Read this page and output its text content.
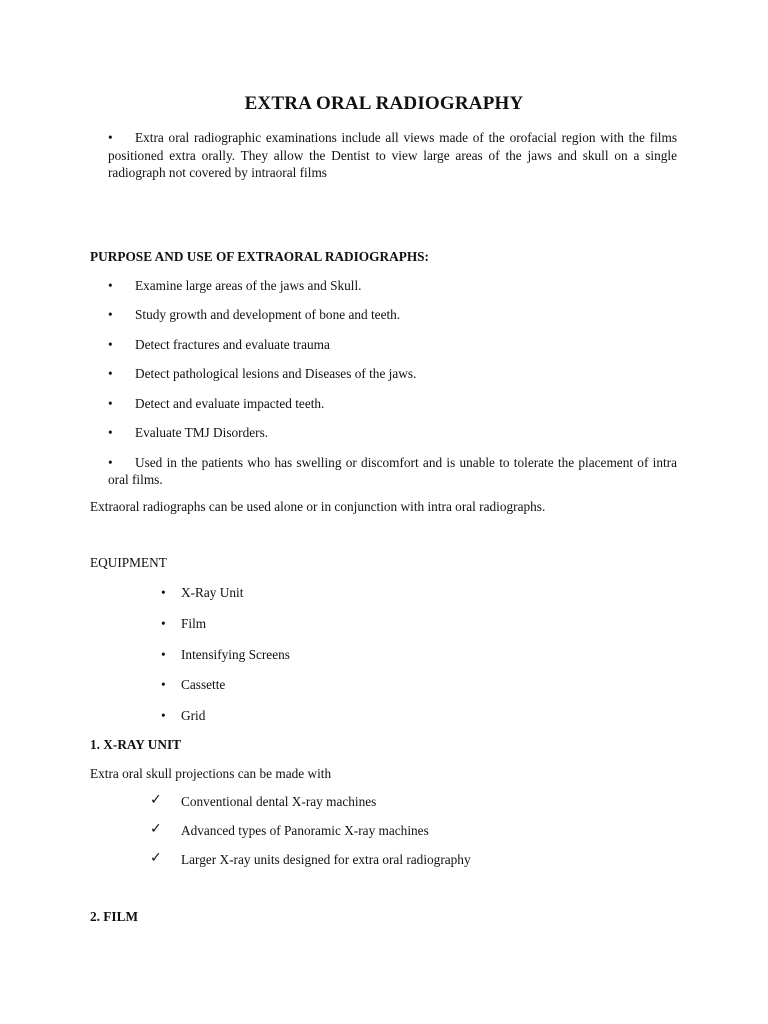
EXTRA ORAL RADIOGRAPHY
• Extra oral radiographic examinations include all views made of the orofacial region with the films positioned extra orally. They allow the Dentist to view large areas of the jaws and skull on a single radiograph not covered by intraoral films
PURPOSE AND USE OF EXTRAORAL RADIOGRAPHS:
• Examine large areas of the jaws and Skull.
• Study growth and development of bone and teeth.
• Detect fractures and evaluate trauma
• Detect pathological lesions and Diseases of the jaws.
• Detect and evaluate impacted teeth.
• Evaluate TMJ Disorders.
• Used in the patients who has swelling or discomfort and is unable to tolerate the placement of intra oral films.
Extraoral radiographs can be used alone or in conjunction with intra oral radiographs.
EQUIPMENT
• X-Ray Unit
• Film
• Intensifying Screens
• Cassette
• Grid
1. X-RAY UNIT
Extra oral skull projections can be made with
✓ Conventional dental X-ray machines
✓ Advanced types of Panoramic X-ray machines
✓ Larger X-ray units designed for extra oral radiography
2. FILM
